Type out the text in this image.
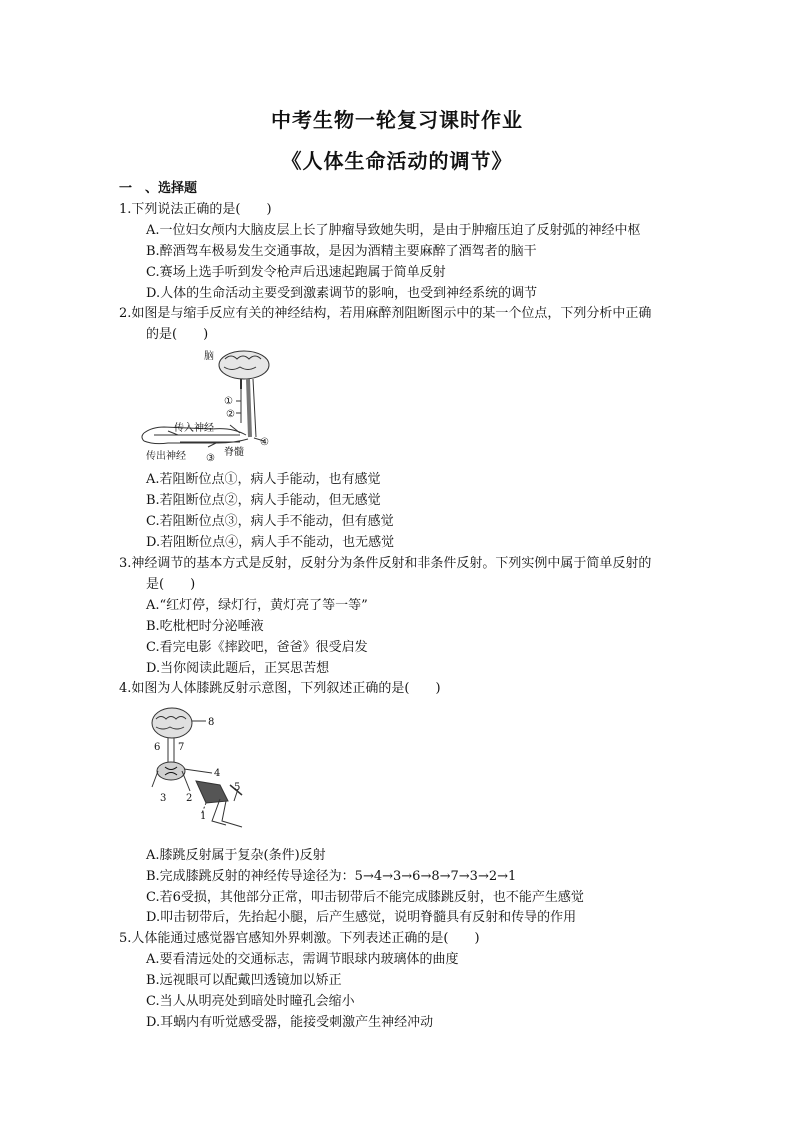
中考生物一轮复习课时作业
《人体生命活动的调节》
一　、选择题
1.下列说法正确的是(　　)
A.一位妇女颅内大脑皮层上长了肿瘤导致她失明，是由于肿瘤压迫了反射弧的神经中枢
B.醉酒驾车极易发生交通事故，是因为酒精主要麻醉了酒驾者的脑干
C.赛场上选手听到发令枪声后迅速起跑属于简单反射
D.人体的生命活动主要受到激素调节的影响，也受到神经系统的调节
2.如图是与缩手反应有关的神经结构，若用麻醉剂阻断图示中的某一个位点，下列分析中正确
的是(　　)
脑
①
②
④
③
传入神经
传出神经	脊髓
A.若阻断位点①，病人手能动，也有感觉
B.若阻断位点②，病人手能动，但无感觉
C.若阻断位点③，病人手不能动，但有感觉
D.若阻断位点④，病人手不能动，也无感觉
3.神经调节的基本方式是反射，反射分为条件反射和非条件反射。下列实例中属于简单反射的
是(　　)
A.“红灯停，绿灯行，黄灯亮了等一等”
B.吃枇杷时分泌唾液
C.看完电影《摔跤吧，爸爸》很受启发
D.当你阅读此题后，正冥思苦想
4.如图为人体膝跳反射示意图，下列叙述正确的是(　　)
8
6 7
4
5
3 2
1
A.膝跳反射属于复杂(条件)反射
B.完成膝跳反射的神经传导途径为：5→4→3→6→8→7→3→2→1
C.若6受损，其他部分正常，叩击韧带后不能完成膝跳反射，也不能产生感觉
D.叩击韧带后，先抬起小腿，后产生感觉，说明脊髓具有反射和传导的作用
5.人体能通过感觉器官感知外界刺激。下列表述正确的是(　　)
A.要看清远处的交通标志，需调节眼球内玻璃体的曲度
B.远视眼可以配戴凹透镜加以矫正
C.当人从明亮处到暗处时瞳孔会缩小
D.耳蜗内有听觉感受器，能接受刺激产生神经冲动
